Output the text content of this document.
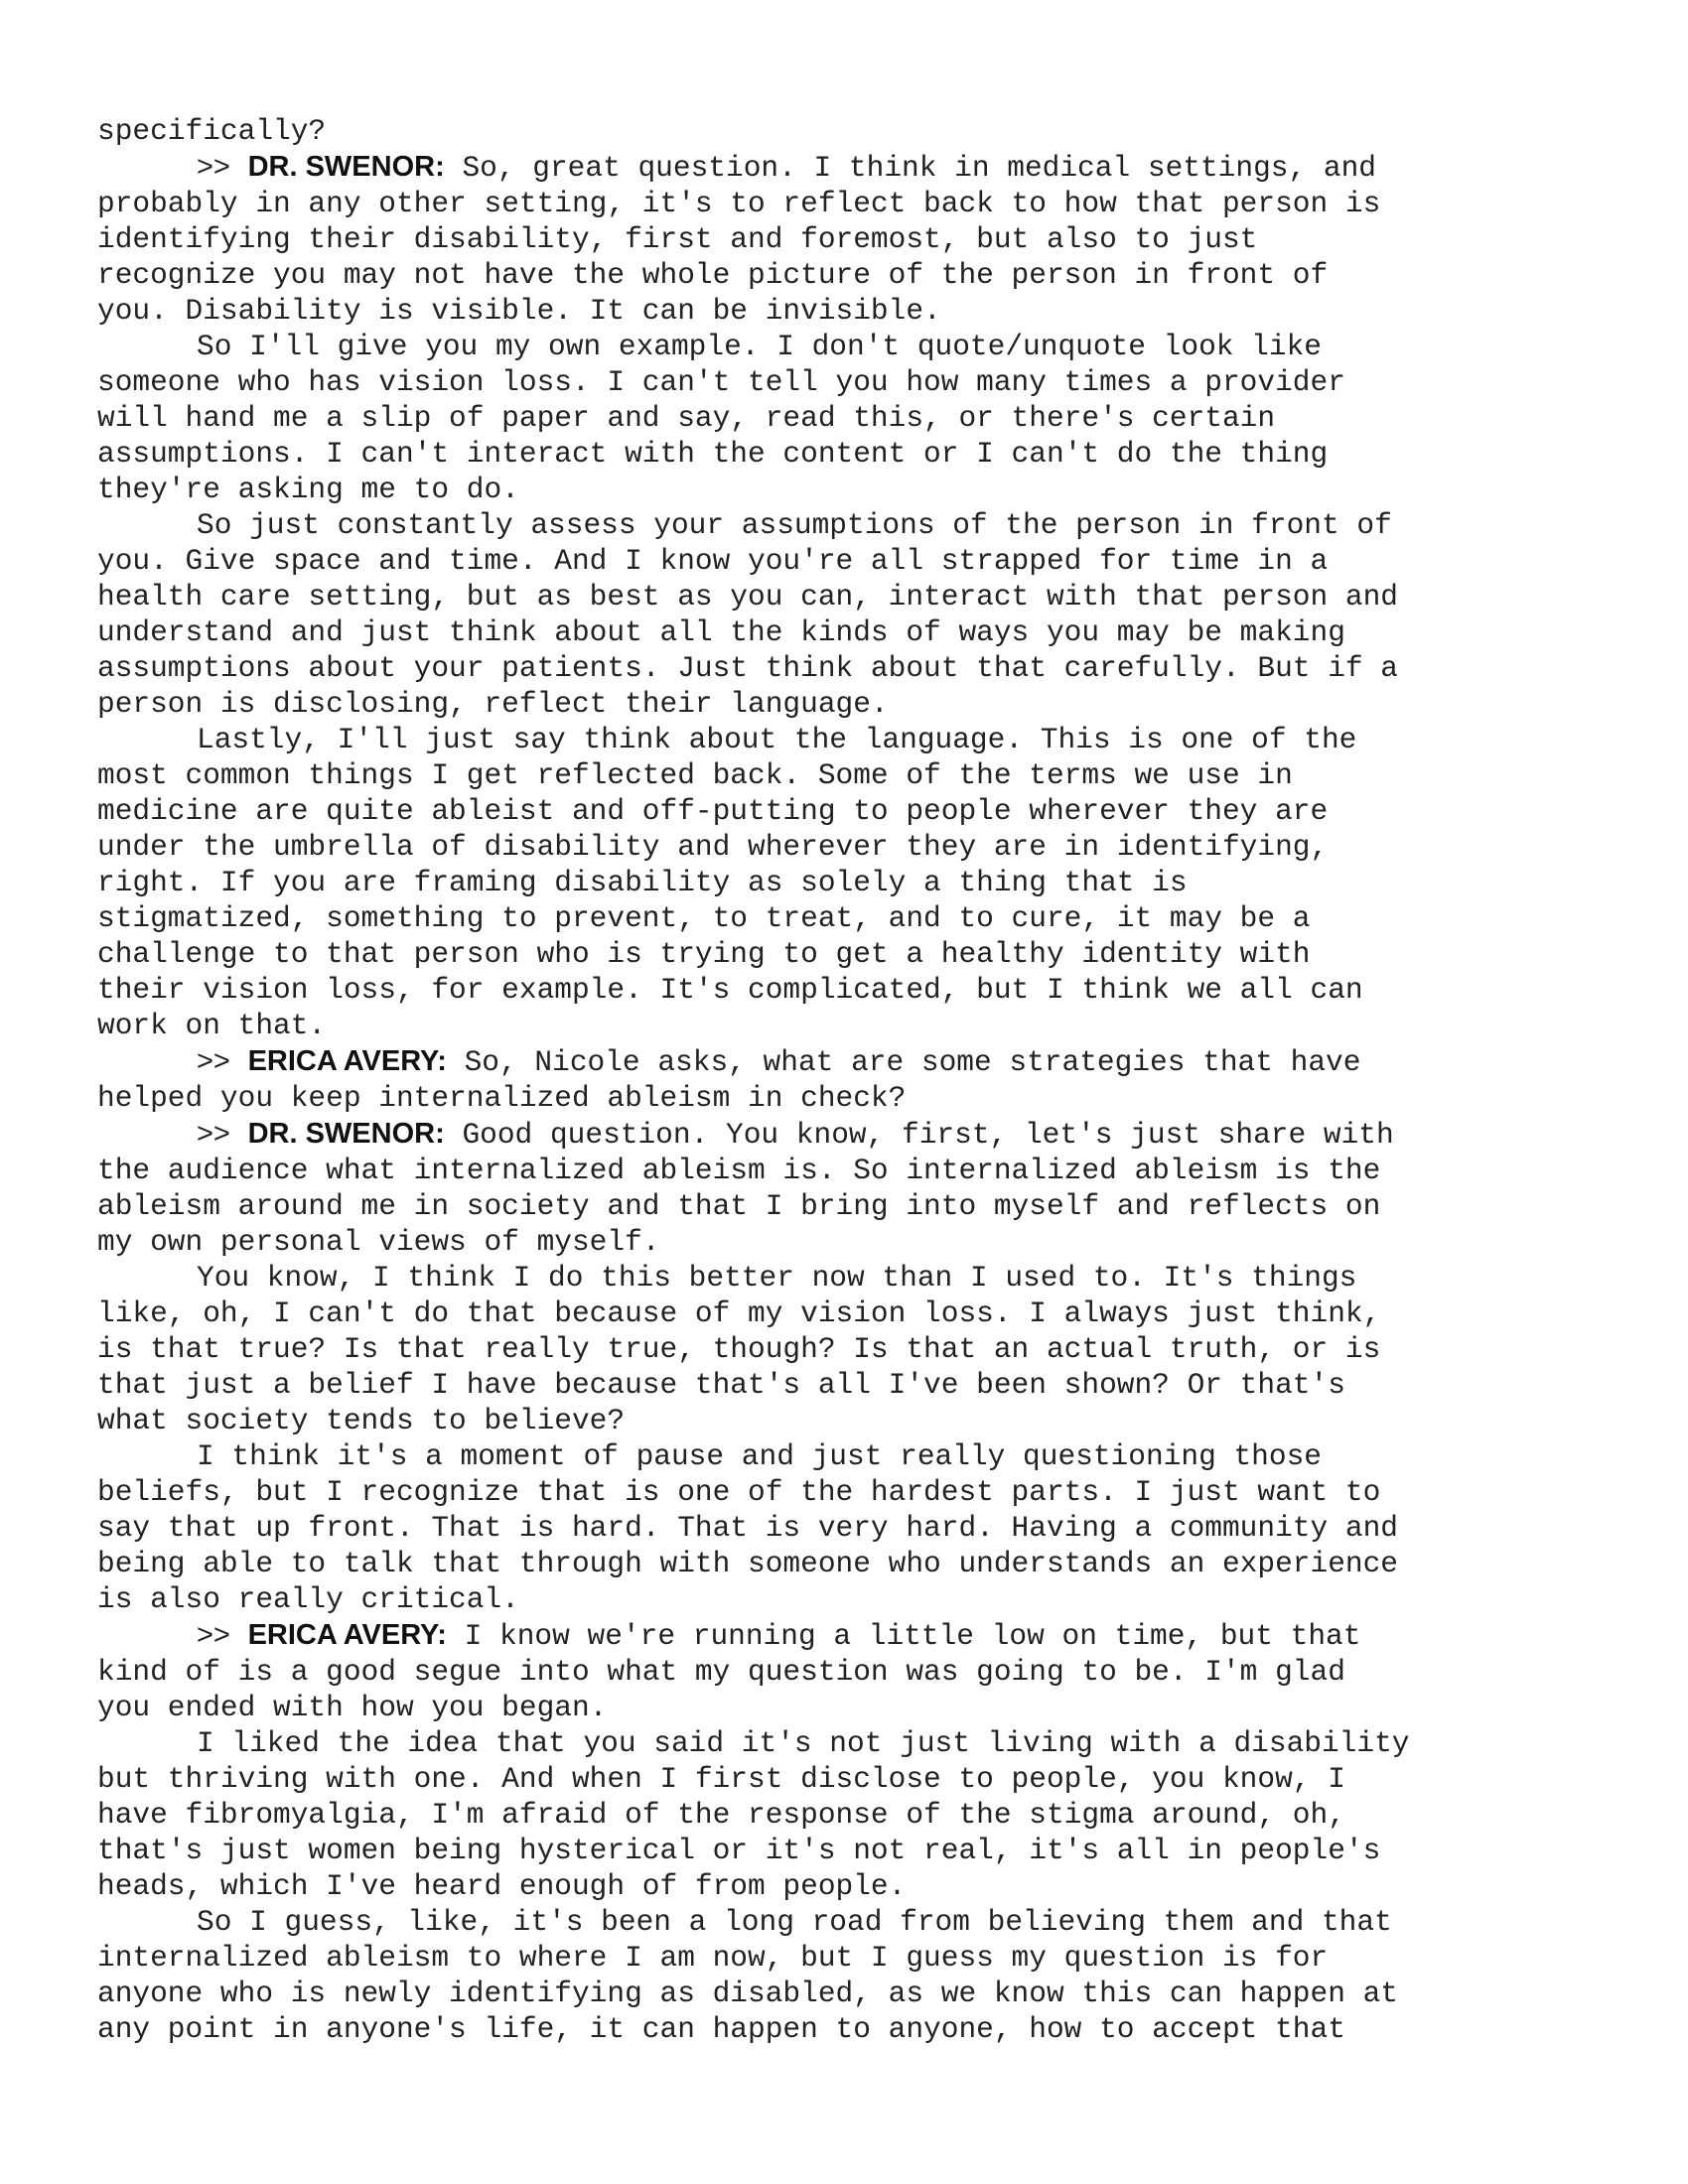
specifically?

>> DR. SWENOR: So, great question. I think in medical settings, and
probably in any other setting, it's to reflect back to how that person is
identifying their disability, first and foremost, but also to just
recognize you may not have the whole picture of the person in front of
you. Disability is visible. It can be invisible.

So I'll give you my own example. I don't quote/unquote look like
someone who has vision loss. I can't tell you how many times a provider
will hand me a slip of paper and say, read this, or there's certain
assumptions. I can't interact with the content or I can't do the thing
they're asking me to do.

So just constantly assess your assumptions of the person in front of
you. Give space and time. And I know you're all strapped for time in a
health care setting, but as best as you can, interact with that person and
understand and just think about all the kinds of ways you may be making
assumptions about your patients. Just think about that carefully. But if a
person is disclosing, reflect their language.

Lastly, I'll just say think about the language. This is one of the
most common things I get reflected back. Some of the terms we use in
medicine are quite ableist and off-putting to people wherever they are
under the umbrella of disability and wherever they are in identifying,
right. If you are framing disability as solely a thing that is
stigmatized, something to prevent, to treat, and to cure, it may be a
challenge to that person who is trying to get a healthy identity with
their vision loss, for example. It's complicated, but I think we all can
work on that.

>> ERICA AVERY: So, Nicole asks, what are some strategies that have
helped you keep internalized ableism in check?

>> DR. SWENOR: Good question. You know, first, let's just share with
the audience what internalized ableism is. So internalized ableism is the
ableism around me in society and that I bring into myself and reflects on
my own personal views of myself.

You know, I think I do this better now than I used to. It's things
like, oh, I can't do that because of my vision loss. I always just think,
is that true? Is that really true, though? Is that an actual truth, or is
that just a belief I have because that's all I've been shown? Or that's
what society tends to believe?

I think it's a moment of pause and just really questioning those
beliefs, but I recognize that is one of the hardest parts. I just want to
say that up front. That is hard. That is very hard. Having a community and
being able to talk that through with someone who understands an experience
is also really critical.

>> ERICA AVERY: I know we're running a little low on time, but that
kind of is a good segue into what my question was going to be. I'm glad
you ended with how you began.

I liked the idea that you said it's not just living with a disability
but thriving with one. And when I first disclose to people, you know, I
have fibromyalgia, I'm afraid of the response of the stigma around, oh,
that's just women being hysterical or it's not real, it's all in people's
heads, which I've heard enough of from people.

So I guess, like, it's been a long road from believing them and that
internalized ableism to where I am now, but I guess my question is for
anyone who is newly identifying as disabled, as we know this can happen at
any point in anyone's life, it can happen to anyone, how to accept that
